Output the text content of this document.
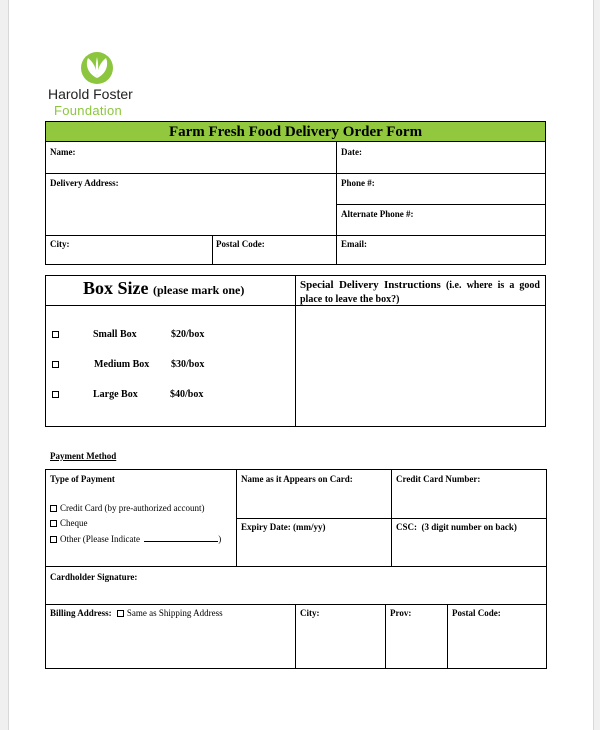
Harold Foster
Foundation
Farm Fresh Food Delivery Order Form
Name:	Date:
Delivery Address:	Phone #:
Alternate Phone #:
City:	Postal Code:	Email:
Box Size (please mark one)	Special Delivery Instructions (i.e. where is a good place to leave the box?)
Small Box	$20/box
Medium Box	$30/box
Large Box	$40/box
Payment Method
Type of Payment
Credit Card (by pre-authorized account)
Cheque
Other (Please Indicate	)
Name as it Appears on Card:	Credit Card Number:
Expiry Date: (mm/yy)	CSC: (3 digit number on back)
Cardholder Signature:
Billing Address: Same as Shipping Address	City:	Prov:	Postal Code:
